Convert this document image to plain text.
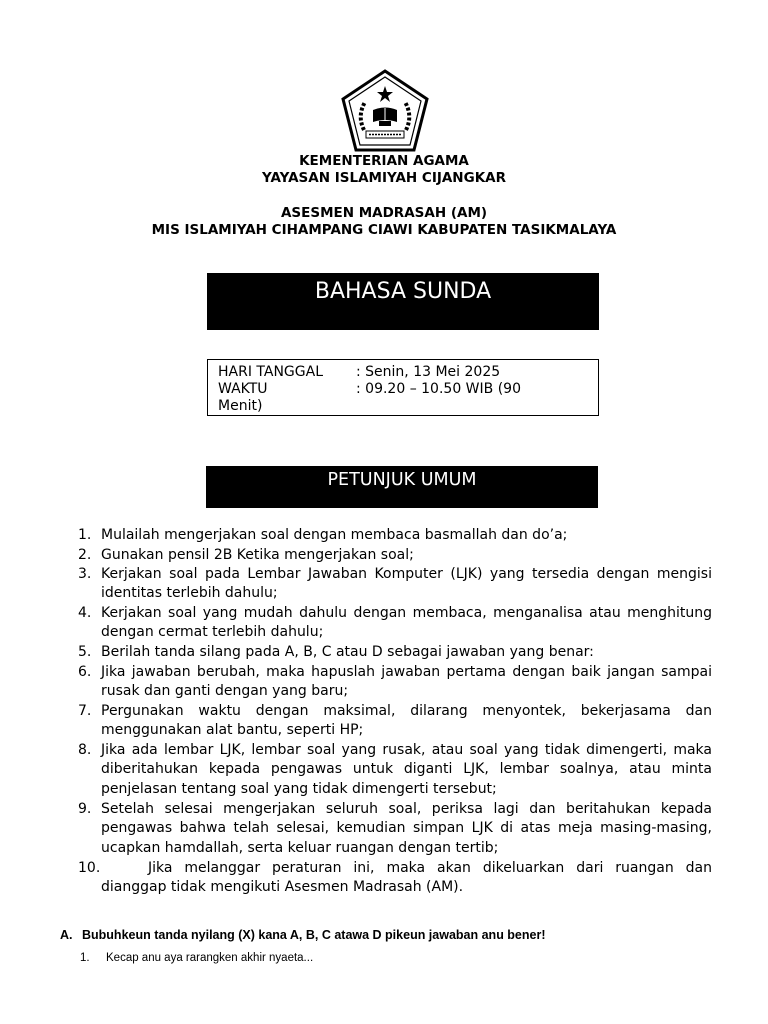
KEMENTERIAN AGAMA
YAYASAN ISLAMIYAH CIJANGKAR
ASESMEN MADRASAH (AM)
MIS ISLAMIYAH CIHAMPANG CIAWI KABUPATEN TASIKMALAYA
BAHASA SUNDA
HARI TANGGAL : Senin, 13 Mei 2025
WAKTU	: 09.20 – 10.50 WIB (90
Menit)
PETUNJUK UMUM
1. Mulailah mengerjakan soal dengan membaca basmallah dan do’a;
2. Gunakan pensil 2B Ketika mengerjakan soal;
3. Kerjakan soal pada Lembar Jawaban Komputer (LJK) yang tersedia dengan mengisi identitas terlebih dahulu;
4. Kerjakan soal yang mudah dahulu dengan membaca, menganalisa atau menghitung dengan cermat terlebih dahulu;
5. Berilah tanda silang pada A, B, C atau D sebagai jawaban yang benar:
6. Jika jawaban berubah, maka hapuslah jawaban pertama dengan baik jangan sampai rusak dan ganti dengan yang baru;
7. Pergunakan waktu dengan maksimal, dilarang menyontek, bekerjasama dan menggunakan alat bantu, seperti HP;
8. Jika ada lembar LJK, lembar soal yang rusak, atau soal yang tidak dimengerti, maka diberitahukan kepada pengawas untuk diganti LJK, lembar soalnya, atau minta penjelasan tentang soal yang tidak dimengerti tersebut;
9. Setelah selesai mengerjakan seluruh soal, periksa lagi dan beritahukan kepada pengawas bahwa telah selesai, kemudian simpan LJK di atas meja masing-masing, ucapkan hamdallah, serta keluar ruangan dengan tertib;
10.	Jika melanggar peraturan ini, maka akan dikeluarkan dari ruangan dan dianggap tidak mengikuti Asesmen Madrasah (AM).
A. Bubuhkeun tanda nyilang (X) kana A, B, C atawa D pikeun jawaban anu bener!
1. Kecap anu aya rarangken akhir nyaeta...
